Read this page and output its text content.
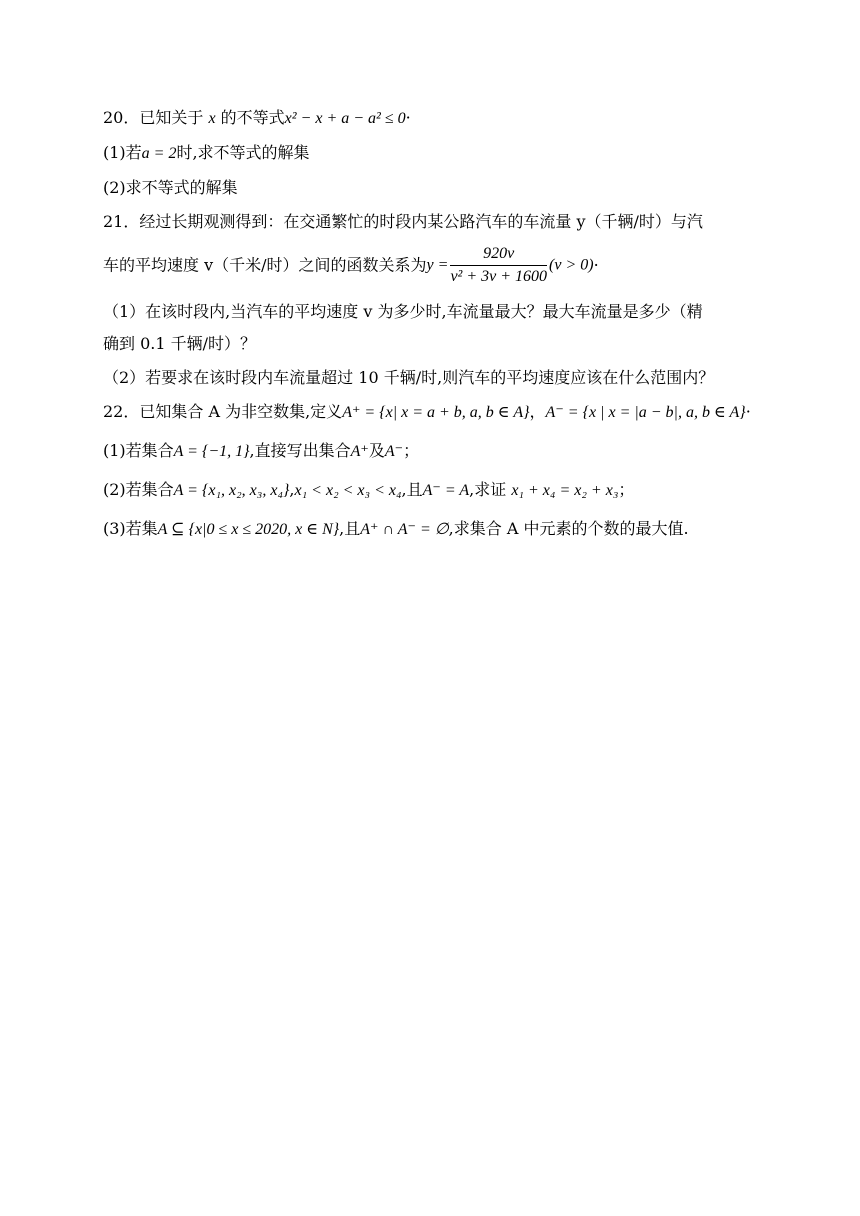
20．已知关于 x 的不等式x² − x + a − a² ≤ 0·
(1)若a = 2时,求不等式的解集
(2)求不等式的解集
21．经过长期观测得到：在交通繁忙的时段内某公路汽车的车流量 y（千辆/时）与汽
车的平均速度 v（千米/时）之间的函数关系为$y = \frac{920v}{\text{v² + 3v + 1600}} (v > 0)\cdot$
（1）在该时段内,当汽车的平均速度 v 为多少时,车流量最大？最大车流量是多少（精
确到 0.1 千辆/时）？
（2）若要求在该时段内车流量超过 10 千辆/时,则汽车的平均速度应该在什么范围内？
22．已知集合 A 为非空数集,定义A⁺ = {x| x = a + b, a, b ∈ A}，A⁻ = {x | x = |a − b|, a, b ∈ A}·
(1)若集合A = {−1, 1},直接写出集合A⁺及A⁻；
(2)若集合A = {x₁, x₂, x₃, x₄},x₁ < x₂ < x₃ < x₄,且A⁻ = A,求证 x₁ + x₄ = x₂ + x₃；
(3)若集A ⊆ {x|0 ≤ x ≤ 2020, x ∈ N},且A⁺ ∩ A⁻ = ∅,求集合 A 中元素的个数的最大值.
